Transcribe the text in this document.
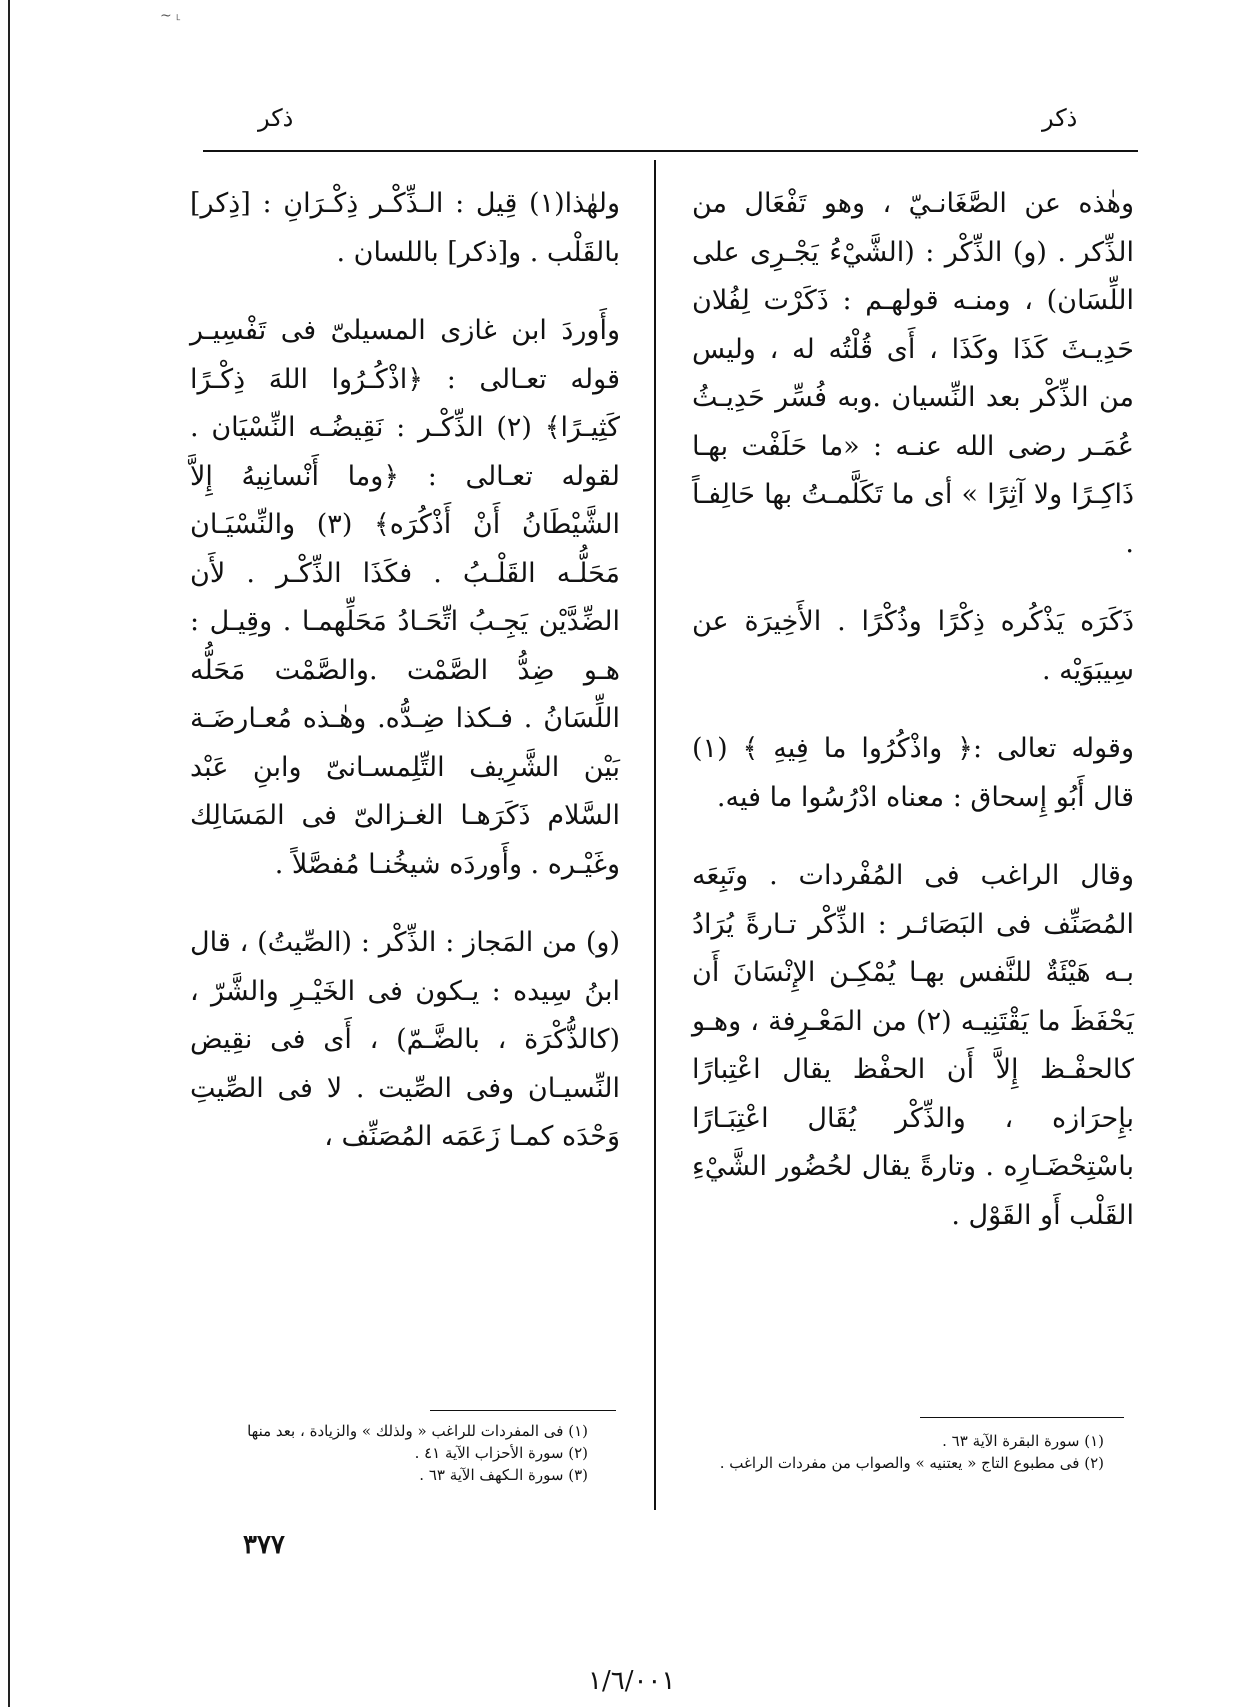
~ ˪
ذكر	ذكر

وهٰذه عن الصَّغَانـيّ ، وهو تَفْعَال من الذِّكر . (و) الذِّكْر : (الشَّيْءُ يَجْـرِى على اللِّسَان) ، ومنـه قولهـم : ذَكَرْت لِفُلان حَدِيـثَ كَذَا وكَذَا ، أَى قُلْتُه له ، وليس من الذِّكْر بعد النِّسيان .وبه فُسِّر حَدِيـثُ عُمَـر رضى الله عنـه : «ما حَلَفْت بهـا ذَاكِـرًا ولا آثِرًا » أى ما تَكَلَّمـتُ بها حَالِفـاً .

ذَكَرَه يَذْكُره ذِكْرًا وذُكْرًا . الأَخِيرَة عن سِيبَوَيْه .

وقوله تعالى :﴿ واذْكُرُوا ما فِيهِ ﴾ (١) قال أَبُو إِسحاق : معناه ادْرُسُوا ما فيه.

وقال الراغب فى المُفْردات . وتَبِعَه المُصَنِّف فى البَصَائـر : الذِّكْر تـارةً يُرَادُ بـه هَيْئَةٌ للنَّفس بهـا يُمْكِـن الإِنْسَانَ أَن يَحْفَظَ ما يَقْتَنِيـه (٢) من المَعْـرِفة ، وهـو كالحفْـظ إِلاَّ أَن الحفْظ يقال اعْتِبارًا بإِحرَازه ، والذِّكْر يُقَال اعْتِبَـارًا باسْتِحْضَـارِه . وتارةً يقال لحُضُور الشَّيْءِ القَلْب أَو القَوْل .

ولهٰذا(١) قِيل : الـذِّكْـر ذِكْـرَانِ : [ذِكر] بالقَلْب . و[ذكر] باللسان .

وأَوردَ ابن غازى المسيلىّ فى تَفْسِيـر قوله تعـالى : ﴿اذْكُـرُوا اللهَ ذِكْـرًا كَثِيـرًا﴾ (٢) الذِّكْـر : نَقِيضُـه النِّسْيَان . لقوله تعـالى : ﴿وما أَنْسانِيهُ إِلاَّ الشَّيْطَانُ أَنْ أَذْكُرَه﴾ (٣) والنِّسْيَـان مَحَلُّـه القَلْـبُ . فكَذَا الذِّكْـر . لأَن الضِّدَّيْن يَجِـبُ اتِّحَـادُ مَحَلِّهمـا . وقِيـل : هـو ضِدُّ الصَّمْت .والصَّمْت مَحَلُّه اللِّسَانُ . فـكذا ضِـدُّه. وهٰـذه مُعـارضَـة بَيْن الشَّرِيف التِّلِمسـانىّ وابنِ عَبْد السَّلام ذَكَرَهـا الغـزالىّ فى المَسَالِك وغَيْـره . وأَوردَه شيخُنـا مُفصَّلاً .

(و) من المَجاز : الذِّكْر : (الصِّيتُ) ، قال ابنُ سِيده : يـكون فى الخَيْـرِ والشَّرّ ، (كالذُّكْرَة ، بالضَّـمّ) ، أَى فى نقِيض النِّسيـان وفى الصِّيت . لا فى الصِّيتِ وَحْدَه كمـا زَعَمَه المُصَنِّف ،

(١) سورة البقرة الآية ٦٣ .

(٢) فى مطبوع التاج « يعتنيه » والصواب من مفردات الراغب .

(١) فى المفردات للراغب « ولذلك » والزيادة ، بعد منها

(٢) سورة الأحزاب الآية ٤١ .

(٣) سورة الـكهف الآية ٦٣ .

٣٧٧
١/٦/٠٠١
